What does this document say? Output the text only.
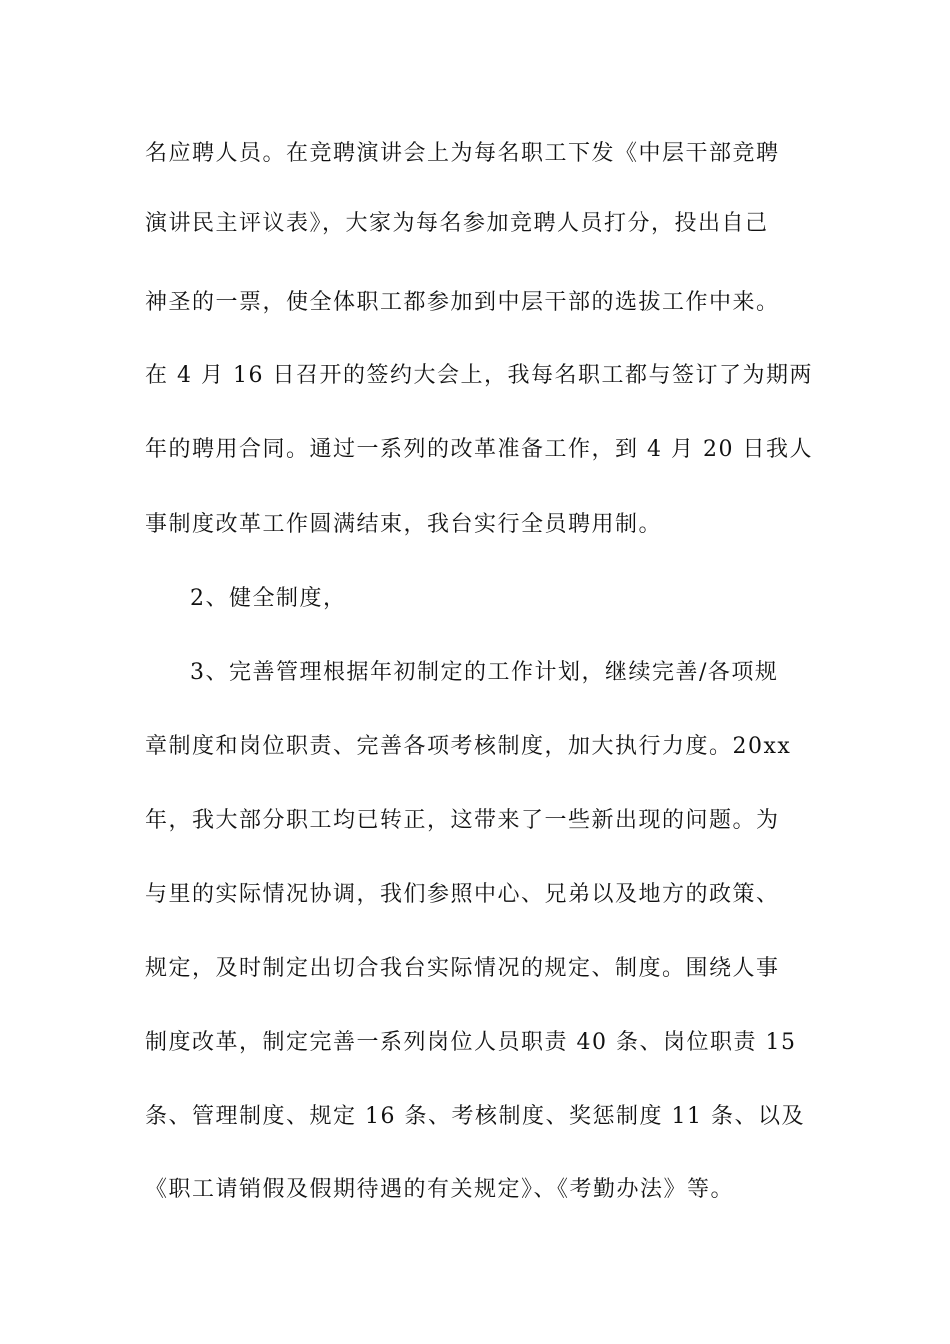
名应聘人员。在竞聘演讲会上为每名职工下发《中层干部竞聘
演讲民主评议表》，大家为每名参加竞聘人员打分，投出自己
神圣的一票，使全体职工都参加到中层干部的选拔工作中来。
在 4 月 16 日召开的签约大会上，我每名职工都与签订了为期两
年的聘用合同。通过一系列的改革准备工作，到 4 月 20 日我人
事制度改革工作圆满结束，我台实行全员聘用制。
2、健全制度，
3、完善管理根据年初制定的工作计划，继续完善/各项规
章制度和岗位职责、完善各项考核制度，加大执行力度。20xx
年，我大部分职工均已转正，这带来了一些新出现的问题。为
与里的实际情况协调，我们参照中心、兄弟以及地方的政策、
规定，及时制定出切合我台实际情况的规定、制度。围绕人事
制度改革，制定完善一系列岗位人员职责 40 条、岗位职责 15
条、管理制度、规定 16 条、考核制度、奖惩制度 11 条、以及
《职工请销假及假期待遇的有关规定》、《考勤办法》等。
